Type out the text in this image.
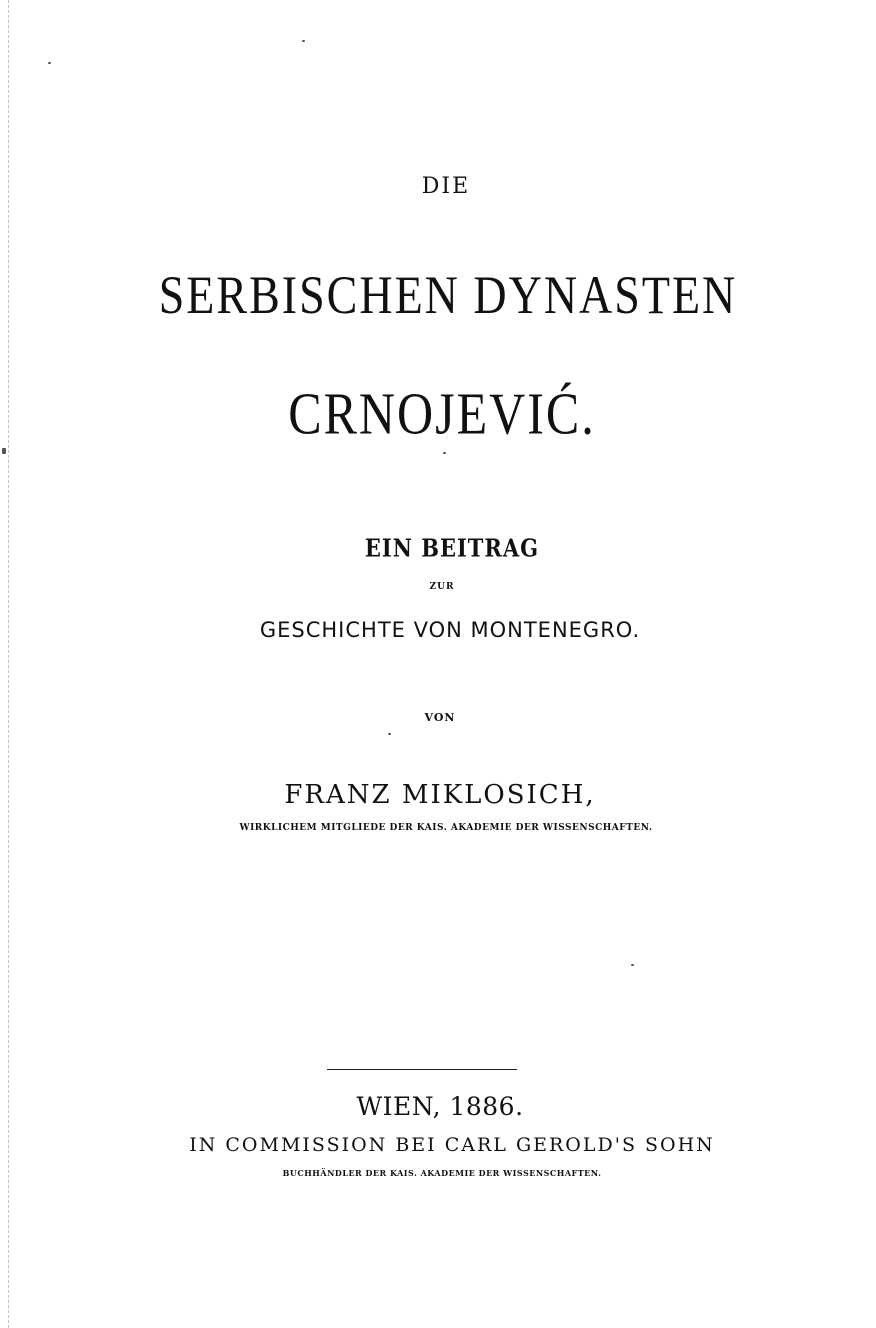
DIE
SERBISCHEN DYNASTEN
CRNOJEVIĆ.
EIN BEITRAG
ZUR
GESCHICHTE VON MONTENEGRO.
VON
FRANZ MIKLOSICH,
WIRKLICHEM MITGLIEDE DER KAIS. AKADEMIE DER WISSENSCHAFTEN.
WIEN, 1886.
IN COMMISSION BEI CARL GEROLD'S SOHN
BUCHHÄNDLER DER KAIS. AKADEMIE DER WISSENSCHAFTEN.
